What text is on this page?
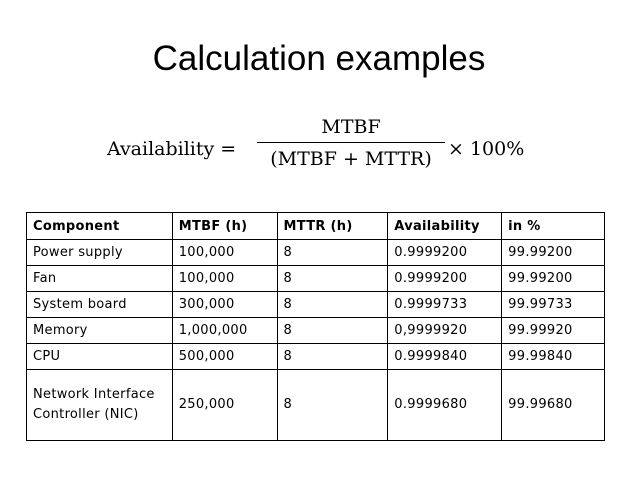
Calculation examples
Availability =
MTBF
(MTBF + MTTR) × 100%
Component	MTBF (h)	MTTR (h)	Availability	in %
Power supply	100,000	8	0.9999200	99.99200
Fan	100,000	8	0.9999200	99.99200
System board	300,000	8	0.9999733	99.99733
Memory	1,000,000	8	0,9999920	99.99920
CPU	500,000	8	0.9999840	99.99840
Network Interface Controller (NIC)	250,000	8	0.9999680	99.99680
